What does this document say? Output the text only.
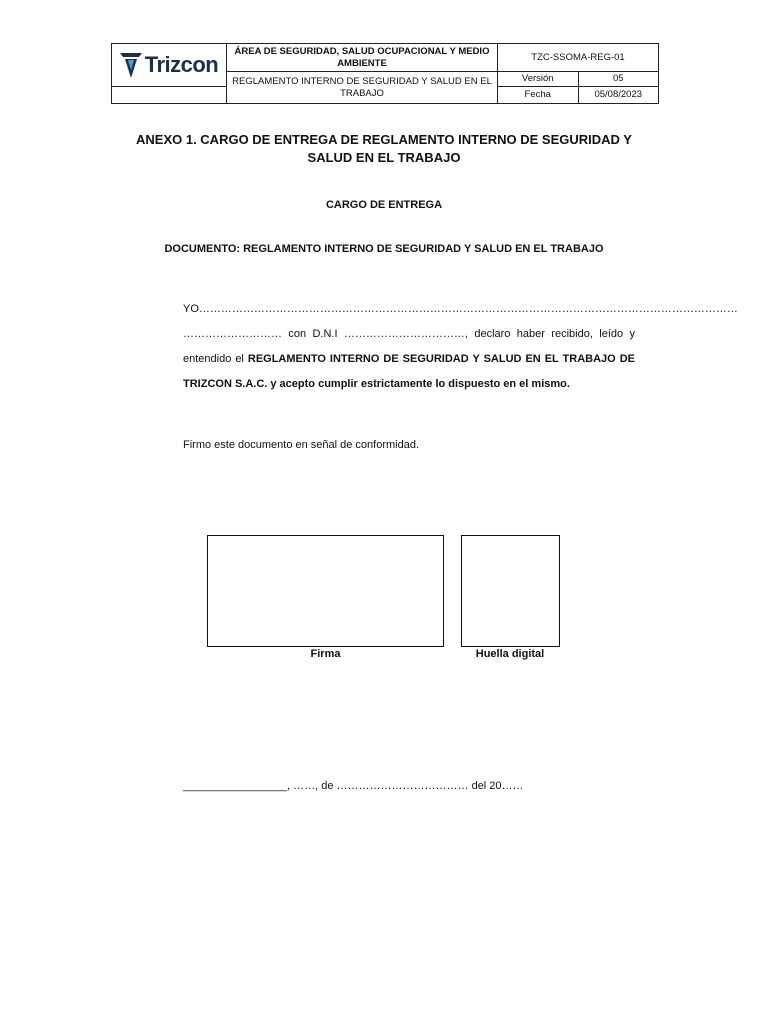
Trizcon	ÁREA DE SEGURIDAD, SALUD OCUPACIONAL Y MEDIO AMBIENTE	TZC-SSOMA-REG-01	
	REGLAMENTO INTERNO DE SEGURIDAD Y SALUD EN EL TRABAJO	Versión	05
		Fecha	05/08/2023
ANEXO 1. CARGO DE ENTREGA DE REGLAMENTO INTERNO DE SEGURIDAD Y SALUD EN EL TRABAJO
CARGO DE ENTREGA
DOCUMENTO: REGLAMENTO INTERNO DE SEGURIDAD Y SALUD EN EL TRABAJO
YO………………………………………………………………………………………………………………………………… ……………………… con D.N.I ……………………………, declaro haber recibido, leído y entendido el REGLAMENTO INTERNO DE SEGURIDAD Y SALUD EN EL TRABAJO DE TRIZCON S.A.C. y acepto cumplir estrictamente lo dispuesto en el mismo.
Firmo este documento en señal de conformidad.
Firma	Huella digital
_________________, ……, de ……………………………… del 20……
